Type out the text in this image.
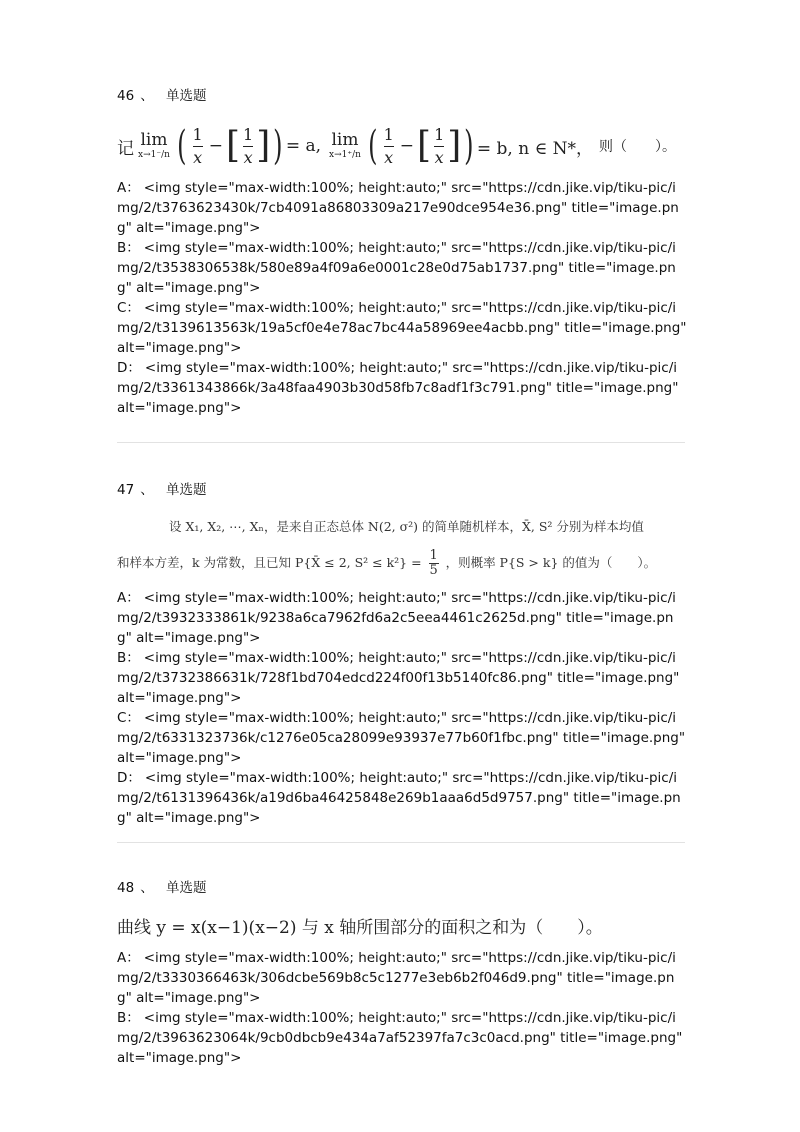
46 、 单选题
记 lim
x→1⁻/n ( $\frac{1}{x}$ − [ $\frac{1}{x}$ ] ) = a, lim
x→1⁺/n ( $\frac{1}{x}$ − [ $\frac{1}{x}$ ] ) = b, n ∈ N*， 则（　　）。
A： <img style="max-width:100%; height:auto;" src="https://cdn.jike.vip/tiku-pic/img/2/t3763623430k/7cb4091a86803309a217e90dce954e36.png" title="image.png" alt="image.png">
B： <img style="max-width:100%; height:auto;" src="https://cdn.jike.vip/tiku-pic/img/2/t3538306538k/580e89a4f09a6e0001c28e0d75ab1737.png" title="image.png" alt="image.png">
C： <img style="max-width:100%; height:auto;" src="https://cdn.jike.vip/tiku-pic/img/2/t3139613563k/19a5cf0e4e78ac7bc44a58969ee4acbb.png" title="image.png" alt="image.png">
D： <img style="max-width:100%; height:auto;" src="https://cdn.jike.vip/tiku-pic/img/2/t3361343866k/3a48faa4903b30d58fb7c8adf1f3c791.png" title="image.png" alt="image.png">
47 、 单选题
设 X₁, X₂, ⋯, Xₙ，是来自正态总体 N(2, σ²) 的简单随机样本，X̄, S² 分别为样本均值
和样本方差，k 为常数，且已知 P{X̄ ≤ 2, $S^2 \le k^2\} = \frac{1}{5}$ ，则概率 P{S > k} 的值为（　　）。
A： <img style="max-width:100%; height:auto;" src="https://cdn.jike.vip/tiku-pic/img/2/t3932333861k/9238a6ca7962fd6a2c5eea4461c2625d.png" title="image.png" alt="image.png">
B： <img style="max-width:100%; height:auto;" src="https://cdn.jike.vip/tiku-pic/img/2/t3732386631k/728f1bd704edcd224f00f13b5140fc86.png" title="image.png" alt="image.png">
C： <img style="max-width:100%; height:auto;" src="https://cdn.jike.vip/tiku-pic/img/2/t6331323736k/c1276e05ca28099e93937e77b60f1fbc.png" title="image.png" alt="image.png">
D： <img style="max-width:100%; height:auto;" src="https://cdn.jike.vip/tiku-pic/img/2/t6131396436k/a19d6ba46425848e269b1aaa6d5d9757.png" title="image.png" alt="image.png">
48 、 单选题
曲线 y = x(x−1)(x−2) 与 x 轴所围部分的面积之和为（　　）。
A： <img style="max-width:100%; height:auto;" src="https://cdn.jike.vip/tiku-pic/img/2/t3330366463k/306dcbe569b8c5c1277e3eb6b2f046d9.png" title="image.png" alt="image.png">
B： <img style="max-width:100%; height:auto;" src="https://cdn.jike.vip/tiku-pic/img/2/t3963623064k/9cb0dbcb9e434a7af52397fa7c3c0acd.png" title="image.png" alt="image.png">
